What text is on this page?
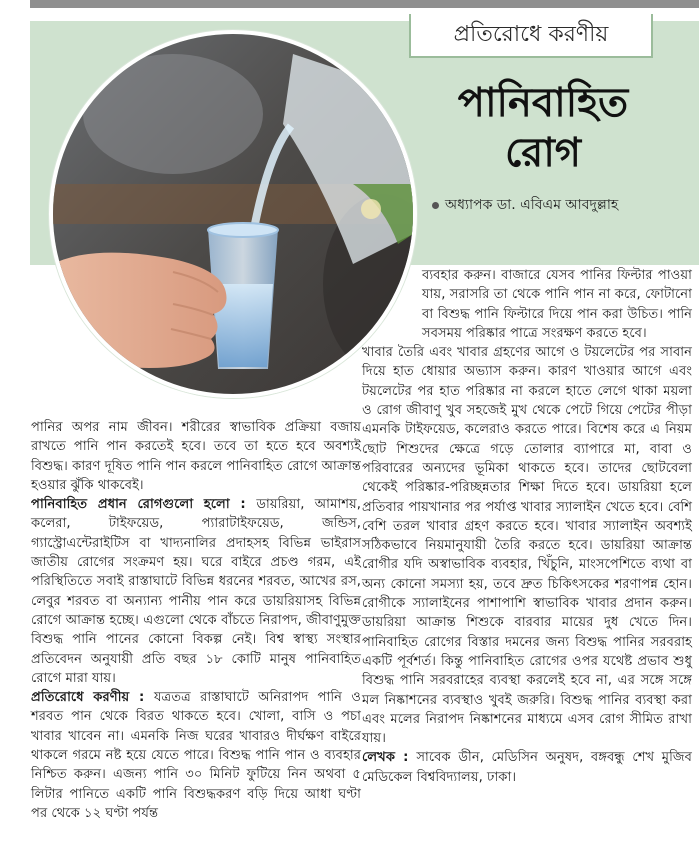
প্রতিরোধে করণীয়
পানিবাহিত
রোগ
অধ্যাপক ডা. এবিএম আবদুল্লাহ

পানির অপর নাম জীবন। শরীরের স্বাভাবিক প্রক্রিয়া বজায় রাখতে পানি পান করতেই হবে। তবে তা হতে হবে অবশ্যই বিশুদ্ধ। কারণ দূষিত পানি পান করলে পানিবাহিত রোগে আক্রান্ত হওয়ার ঝুঁকি থাকবেই।

পানিবাহিত প্রধান রোগগুলো হলো : ডায়রিয়া, আমাশয়, কলেরা, টাইফয়েড, প্যারাটাইফয়েড, জন্ডিস, গ্যাস্ট্রোএন্টেরাইটিস বা খাদ্যনালির প্রদাহসহ বিভিন্ন ভাইরাস জাতীয় রোগের সংক্রমণ হয়। ঘরে বাইরে প্রচণ্ড গরম, এই পরিস্থিতিতে সবাই রাস্তাঘাটে বিভিন্ন ধরনের শরবত, আখের রস, লেবুর শরবত বা অন্যান্য পানীয় পান করে ডায়রিয়াসহ বিভিন্ন রোগে আক্রান্ত হচ্ছে। এগুলো থেকে বাঁচতে নিরাপদ, জীবাণুমুক্ত বিশুদ্ধ পানি পানের কোনো বিকল্প নেই। বিশ্ব স্বাস্থ্য সংস্থার প্রতিবেদন অনুযায়ী প্রতি বছর ১৮ কোটি মানুষ পানিবাহিত রোগে মারা যায়।

প্রতিরোধে করণীয় : যত্রতত্র রাস্তাঘাটে অনিরাপদ পানি ও শরবত পান থেকে বিরত থাকতে হবে। খোলা, বাসি ও পচা খাবার খাবেন না। এমনকি নিজ ঘরের খাবারও দীর্ঘক্ষণ বাইরে থাকলে গরমে নষ্ট হয়ে যেতে পারে। বিশুদ্ধ পানি পান ও ব্যবহার নিশ্চিত করুন। এজন্য পানি ৩০ মিনিট ফুটিয়ে নিন অথবা ৫ লিটার পানিতে একটি পানি বিশুদ্ধকরণ বড়ি দিয়ে আধা ঘণ্টা পর থেকে ১২ ঘণ্টা পর্যন্ত

ব্যবহার করুন। বাজারে যেসব পানির ফিল্টার পাওয়া যায়, সরাসরি তা থেকে পানি পান না করে, ফোটানো বা বিশুদ্ধ পানি ফিল্টারে দিয়ে পান করা উচিত। পানি সবসময় পরিষ্কার পাত্রে সংরক্ষণ করতে হবে।

খাবার তৈরি এবং খাবার গ্রহণের আগে ও টয়লেটের পর সাবান দিয়ে হাত ধোয়ার অভ্যাস করুন। কারণ খাওয়ার আগে এবং টয়লেটের পর হাত পরিষ্কার না করলে হাতে লেগে থাকা ময়লা ও রোগ জীবাণু খুব সহজেই মুখ থেকে পেটে গিয়ে পেটের পীড়া এমনকি টাইফয়েড, কলেরাও করতে পারে। বিশেষ করে এ নিয়ম ছোট শিশুদের ক্ষেত্রে গড়ে তোলার ব্যাপারে মা, বাবা ও পরিবারের অন্যদের ভূমিকা থাকতে হবে। তাদের ছোটবেলা থেকেই পরিষ্কার-পরিচ্ছন্নতার শিক্ষা দিতে হবে। ডায়রিয়া হলে প্রতিবার পায়খানার পর পর্যাপ্ত খাবার স্যালাইন খেতে হবে। বেশি বেশি তরল খাবার গ্রহণ করতে হবে। খাবার স্যালাইন অবশ্যই সঠিকভাবে নিয়মানুযায়ী তৈরি করতে হবে। ডায়রিয়া আক্রান্ত রোগীর যদি অস্বাভাবিক ব্যবহার, খিঁচুনি, মাংসপেশিতে ব্যথা বা অন্য কোনো সমস্যা হয়, তবে দ্রুত চিকিৎসকের শরণাপন্ন হোন। রোগীকে স্যালাইনের পাশাপাশি স্বাভাবিক খাবার প্রদান করুন। ডায়রিয়া আক্রান্ত শিশুকে বারবার মায়ের দুধ খেতে দিন। পানিবাহিত রোগের বিস্তার দমনের জন্য বিশুদ্ধ পানির সরবরাহ একটি পূর্বশর্ত। কিন্তু পানিবাহিত রোগের ওপর যথেষ্ট প্রভাব শুধু বিশুদ্ধ পানি সরবরাহের ব্যবস্থা করলেই হবে না, এর সঙ্গে সঙ্গে মল নিষ্কাশনের ব্যবস্থাও খুবই জরুরি। বিশুদ্ধ পানির ব্যবস্থা করা এবং মলের নিরাপদ নিষ্কাশনের মাধ্যমে এসব রোগ সীমিত রাখা যায়।

লেখক : সাবেক ডীন, মেডিসিন অনুষদ, বঙ্গবন্ধু শেখ মুজিব মেডিকেল বিশ্ববিদ্যালয়, ঢাকা।
